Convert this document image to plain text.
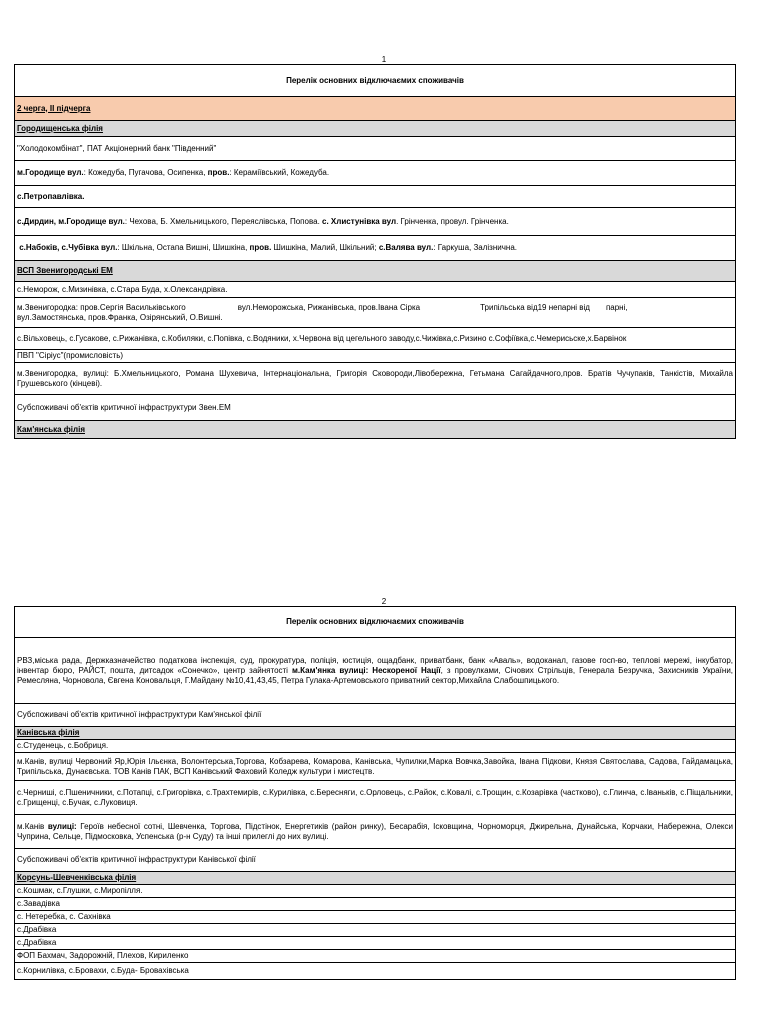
1
Перелік основних відключаємих споживачів
2 черга, ІІ підчерга
Городищенська філія
"Холодокомбінат", ПАТ Акціонерний банк "Південний"
м.Городище вул.: Кожедуба, Пугачова, Осипенка, пров.: Кераміївський, Кожедуба.
с.Петропавлівка.
с.Дирдин, м.Городище вул.: Чехова, Б. Хмельницького, Переяслівська, Попова. с. Хлистунівка вул. Грінченка, провул. Грінченка.
с.Набоків, с.Чубівка вул.: Шкільна, Остапа Вишні, Шишкіна, пров. Шишкіна, Малий, Шкільний; с.Валява вул.: Гаркуша, Залізнична.
ВСП Звенигородські ЕМ
с.Неморож, с.Мизинівка, с.Стара Буда, х.Олександрівка.
м.Звенигородка: пров.Сергія Васильківського	вул.Неморожська, Рижанівська, пров.Івана Сірка	Трипільська від19 непарні від парні,
вул.Замостянська, пров.Франка, Озірянський, О.Вишні.
с.Вільховець, с.Гусакове, с.Рижанівка, с.Кобиляки, с.Попівка, с.Водяники, х.Червона від цегельного заводу,с.Чижівка,с.Ризино с.Софіївка,с.Чемерисьске,х.Барвінок
ПВП "Сіріус"(промисловість)
м.Звенигородка, вулиці: Б.Хмельницького, Романа Шухевича, Інтернаціональна, Григорія Сковороди,Лівобережна, Гетьмана Сагайдачного,пров. Братів Чучупаків, Танкістів, Михайла Грушевського (кінцеві).
Субспоживачі об'єктів критичної інфраструктури Звен.ЕМ
Кам'янська філія
2
Перелік основних відключаємих споживачів
РВЗ,міська рада, Держказначейство податкова інспекція, суд, прокуратура, поліція, юстиція, ощадбанк, приватбанк, банк «Аваль», водоканал, газове госп-во, теплові мережі, інкубатор, інвентар бюро, РАЙСТ, пошта, дитсадок «Сонечко», центр зайнятості м.Кам'янка вулиці: Нескореної Нації, з провулками, Січових Стрільців, Генерала Безручка, Захисників України, Ремесляна, Чорновола, Євгена Коновальця, Г.Майдану №10,41,43,45, Петра Гулака-Артемовського приватний сектор,Михайла Слабошпицького.
Субспоживачі об'єктів критичної інфраструктури Кам'янської філії
Канівська філія
с.Студенець, с.Бобриця.
м.Канів, вулиці Червоний Яр,Юрія Ільєнка, Волонтерська,Торгова, Кобзарева, Комарова, Канівська, Чупилки,Марка Вовчка,Завойка, Івана Підкови, Князя Святослава, Садова, Гайдамацька, Трипільська, Дунаєвська. ТОВ Канів ПАК, ВСП Канівський Фаховий Коледж культури і мистецтв.
с.Черниші, с.Пшеничники, с.Потапці, с.Григорівка, с.Трахтемирів, с.Курилівка, с.Бересняги, с.Орловець, с.Райок, с.Ковалі, с.Трощин, с.Козарівка (частково), с.Глинча, с.Іваньків, с.Піщальники, с.Грищенці, с.Бучак, с.Луковиця.
м.Канів вулиці: Героїв небесної сотні, Шевченка, Торгова, Підстінок, Енергетиків (район ринку), Бесарабія, Ісковщина, Чорноморця, Джирельна, Дунайська, Корчаки, Набережна, Олекси Чуприна, Сельце, Підмосковка, Успенська (р-н Суду) та інші прилеглі до них вулиці.
Субспоживачі об'єктів критичної інфраструктури Канівської філії
Корсунь-Шевченківська філія
с.Кошмак, с.Глушки, с.Миропілля.
с.Завадівка
с. Нетеребка, с. Сахнівка
с.Драбівка
с.Драбівка
ФОП Бахмач, Задорожній, Плехов, Кириленко
с.Корнилівка, с.Бровахи, с.Буда- Броваxівська
